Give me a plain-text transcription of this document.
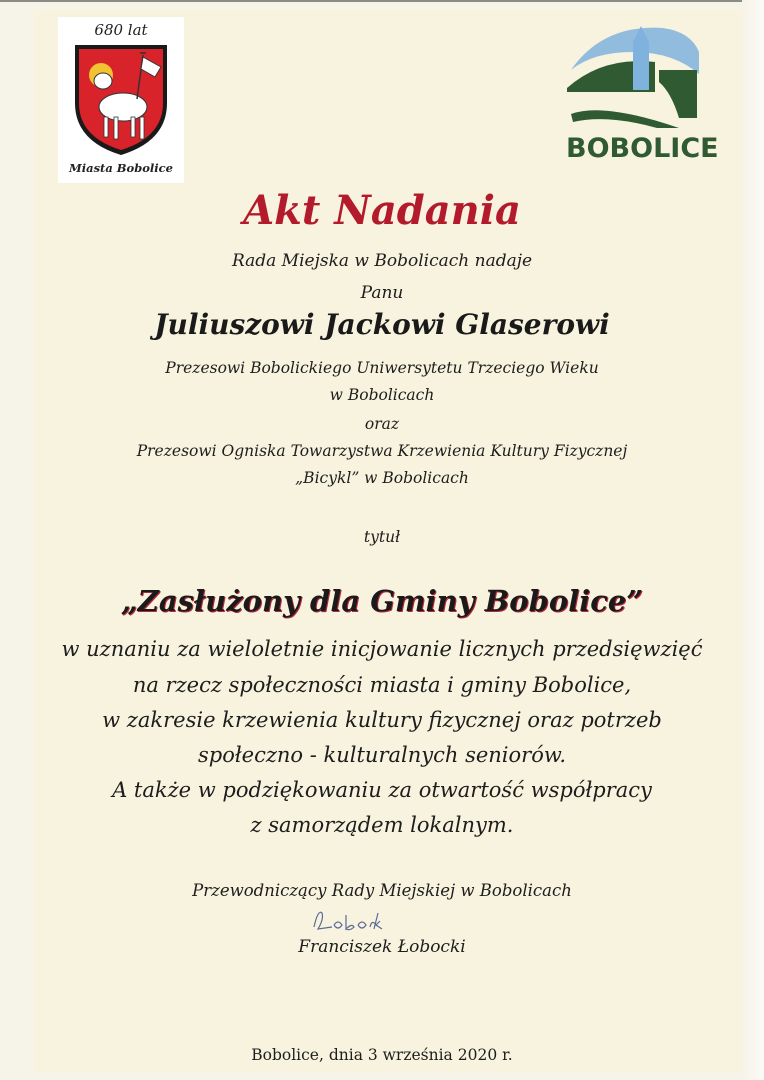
680 lat
Miasta Bobolice
BOBOLICE
Akt Nadania
Rada Miejska w Bobolicach nadaje
Panu
Juliuszowi Jackowi Glaserowi
Prezesowi Bobolickiego Uniwersytetu Trzeciego Wieku
w Bobolicach
oraz
Prezesowi Ogniska Towarzystwa Krzewienia Kultury Fizycznej
„Bicykl” w Bobolicach
tytuł
„Zasłużony dla Gminy Bobolice”
w uznaniu za wieloletnie inicjowanie licznych przedsięwzięć
na rzecz społeczności miasta i gminy Bobolice,
w zakresie krzewienia kultury fizycznej oraz potrzeb
społeczno - kulturalnych seniorów.
A także w podziękowaniu za otwartość współpracy
z samorządem lokalnym.
Przewodniczący Rady Miejskiej w Bobolicach
Franciszek Łobocki
Bobolice, dnia 3 września 2020 r.
